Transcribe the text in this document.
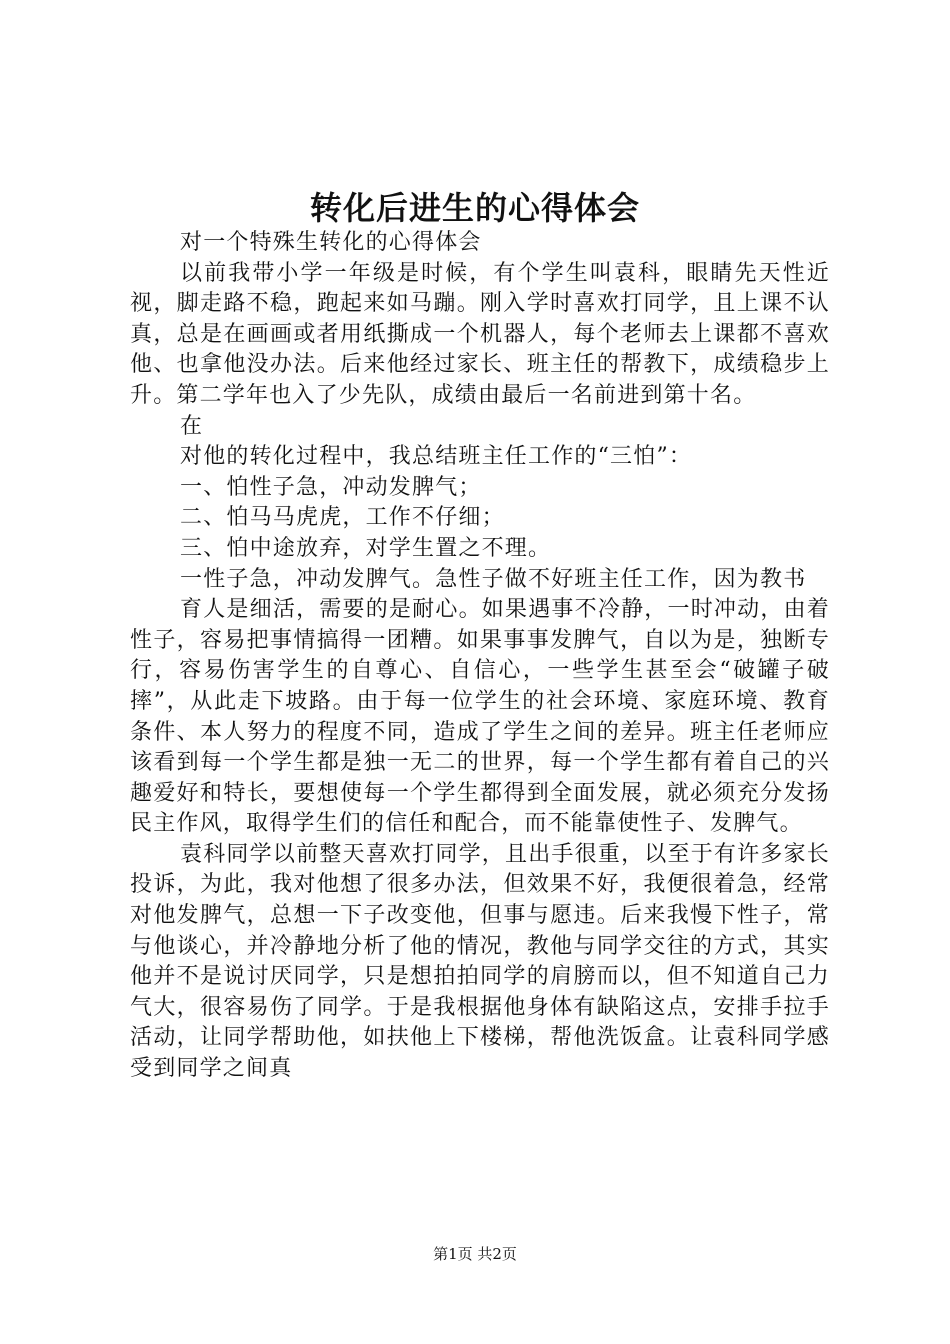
转化后进生的心得体会

对一个特殊生转化的心得体会

以前我带小学一年级是时候，有个学生叫袁科，眼睛先天性近视，脚走路不稳，跑起来如马蹦。刚入学时喜欢打同学，且上课不认真，总是在画画或者用纸撕成一个机器人，每个老师去上课都不喜欢他、也拿他没办法。后来他经过家长、班主任的帮教下，成绩稳步上升。第二学年也入了少先队，成绩由最后一名前进到第十名。

在

对他的转化过程中，我总结班主任工作的“三怕”：

一、怕性子急，冲动发脾气；

二、怕马马虎虎，工作不仔细；

三、怕中途放弃，对学生置之不理。

一性子急，冲动发脾气。急性子做不好班主任工作，因为教书

育人是细活，需要的是耐心。如果遇事不冷静，一时冲动，由着性子，容易把事情搞得一团糟。如果事事发脾气，自以为是，独断专行，容易伤害学生的自尊心、自信心，一些学生甚至会“破罐子破摔”，从此走下坡路。由于每一位学生的社会环境、家庭环境、教育条件、本人努力的程度不同，造成了学生之间的差异。班主任老师应该看到每一个学生都是独一无二的世界，每一个学生都有着自己的兴趣爱好和特长，要想使每一个学生都得到全面发展，就必须充分发扬民主作风，取得学生们的信任和配合，而不能靠使性子、发脾气。

袁科同学以前整天喜欢打同学，且出手很重，以至于有许多家长投诉，为此，我对他想了很多办法，但效果不好，我便很着急，经常对他发脾气，总想一下子改变他，但事与愿违。后来我慢下性子，常与他谈心，并冷静地分析了他的情况，教他与同学交往的方式，其实他并不是说讨厌同学，只是想拍拍同学的肩膀而以，但不知道自己力气大，很容易伤了同学。于是我根据他身体有缺陷这点，安排手拉手活动，让同学帮助他，如扶他上下楼梯，帮他洗饭盒。让袁科同学感受到同学之间真

第1页 共2页
